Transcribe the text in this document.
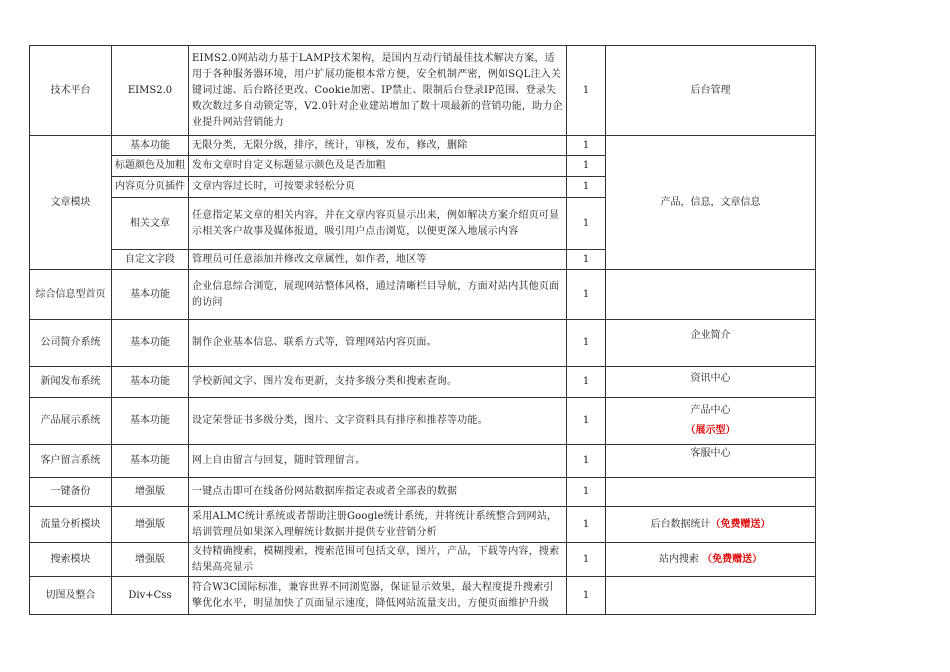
技术平台	EIMS2.0	EIMS2.0网站动力基于LAMP技术架构，是国内互动行销最佳技术解决方案，适用于各种服务器环境，用户扩展功能根本常方便，安全机制严密，例如SQL注入关键词过滤、后台路径更改、Cookie加密、IP禁止、限制后台登录IP范围、登录失败次数过多自动锁定等，V2.0针对企业建站增加了数十项最新的营销功能，助力企业提升网站营销能力	1	后台管理
文章模块	基本功能	无限分类，无限分级，排序，统计，审核，发布，修改，删除	1	产品，信息，文章信息
	标题颜色及加粗	发布文章时自定义标题显示颜色及是否加粗	1	
	内容页分页插件	文章内容过长时，可按要求轻松分页	1	
	相关文章	任意指定某文章的相关内容，并在文章内容页显示出来，例如解决方案介绍页可显示相关客户故事及媒体报道，吸引用户点击浏览，以便更深入地展示内容	1	
	自定文字段	管理员可任意添加并修改文章属性，如作者，地区等	1	
综合信息型首页	基本功能	企业信息综合浏览，展现网站整体风格，通过清晰栏目导航，方面对站内其他页面的访问	1	
公司简介系统	基本功能	制作企业基本信息、联系方式等，管理网站内容页面。	1	企业简介
新闻发布系统	基本功能	学校新闻文字、图片发布更新，支持多级分类和搜索查询。	1	资讯中心
产品展示系统	基本功能	设定荣誉证书多级分类，图片、文字资料具有排序和推荐等功能。	1	产品中心
（展示型）

客户留言系统	基本功能	网上自由留言与回复，随时管理留言。	1	客服中心
一键备份	增强版	一键点击即可在线备份网站数据库指定表或者全部表的数据	1	
流量分析模块	增强版	采用ALMC统计系统或者帮助注册Google统计系统，并将统计系统整合到网站，培训管理员如果深入理解统计数据并提供专业营销分析	1	后台数据统计（免费赠送）
搜索模块	增强版	支持精确搜索，模糊搜索，搜索范围可包括文章，图片，产品，下载等内容，搜索结果高亮显示	1	站内搜索 （免费赠送）
切图及整合	Div+Css	符合W3C国际标准，兼容世界不同浏览器，保证显示效果，最大程度提升搜索引擎优化水平，明显加快了页面显示速度，降低网站流量支出，方便页面维护升级	1	
